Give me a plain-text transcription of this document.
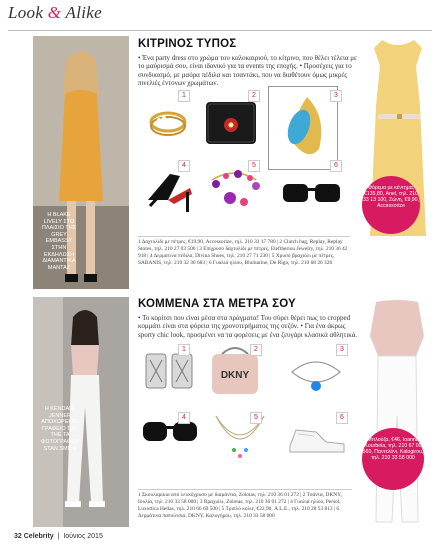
Look & Alike
Η BLAKE LIVELY ΣΤΟ ΠΛΑΙΣΙΟ ΤΗΣ GREY EMBASSY ΣΤΗΝ ΕΚΔΗΛΩΣΗ ΔΙΑΜΑΝΤΙΚΑ ΜΑΝΤΑΖ
ΚΙΤΡΙΝΟΣ ΤΥΠΟΣ
• Ένα party dress στο χρώμα του καλοκαιριού, το κίτρινο, που θέλει τέλεια με το μαύρισμά σου, είναι ιδανικό για τα events της εποχής. • Προσέχεις για το συνδυασμό, με μαύρα πέδιλα και τσαντάκι, που να διαθέτουν όμως μικρές πινελιές έντονων χρωμάτων.
Φόρεμα με κέντημα, €135,80, Anel, τηλ. 210 33 13 100, Ζώνη, €9,90, Accessorize
1	2	3
4	5	6
1 Δαχτυλίδι με πέτρες, €19,90, Accessorize, τηλ. 210 33 17 780 | 2 Clutch bag, Replay, Replay Stores, τηλ. 210 27 03 500 | 3 Επίχρυσο δαχτυλίδι με πέτρες, Eleftheriou Jewelry, τηλ. 210 36 42 918 | 4 Δερμάτινα πέδιλα, Divina Shoes, τηλ. 210 27 71 230 | 5 Χρυσό βραχιόλι με πέτρες, SABANIS, τηλ. 210 32 30 683 | 6 Γυαλιά ηλίου, Blumarine, De Rigo, τηλ. 210 68 26 326
Η KENDALL JENNER ΑΠΟΧΩΡΕΙ ΤΟ ΓΡΑΦΕΙΟ ΤΟΥ THE TA ΦΩΤΟΓΡΑΦΟΥ STAN SMITH
ΚΟΜΜΕΝΑ ΣΤΑ ΜΕΤΡΑ ΣΟΥ
• Το κορίτσι που είναι μέσα στα πράγματα! Του σύρει θέρει πως το cropped κομμάτι είναι στα φόρεια της χρονοτερήματος της σεζόν. • Για ένα άκρως sporty chic look, προσμένει να τα φορέσεις με ένα ζευγάρι κλασικά αθλητικά.
DKNY
Μπλούζα, €46, Ioanna Kourbela, τηλ. 210 67 00 560, Παντελόνι, Kalogirou, τηλ. 210 33 58 000
1	2	3
4	5	6
1 Σκουλαρίκια από λευκόχρυσο με διαμάντια, Zolotas, τηλ. 210 36 01 272 | 2 Τσάντα, DKNY, Ιουλία, τηλ. 210 33 58 000 | 3 Βραχιόλι, Zolotas, τηλ. 210 36 01 272 | 4 Γυαλιά ηλίου, Persol, Luxottica Hellas, τηλ. 210 66 69 500 | 5 Τριπλό κολιέ, €22,90, A.L.E., τηλ. 210 28 53 813 | 6 Δερμάτινα παπούτσια, DKNY, Καλογήρου, τηλ. 210 33 58 000
32 Celebrity  |  Ιούνιος 2015
